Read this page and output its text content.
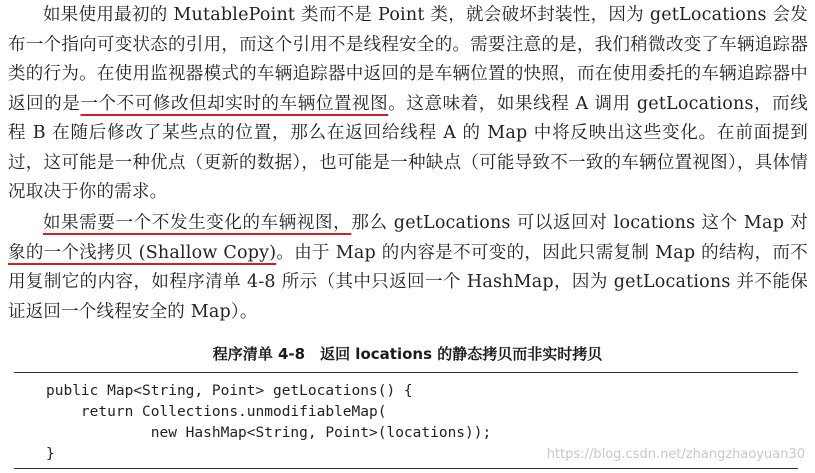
如果使用最初的 MutablePoint 类而不是 Point 类，就会破坏封装性，因为 getLocations 会发布一个指向可变状态的引用，而这个引用不是线程安全的。需要注意的是，我们稍微改变了车辆追踪器类的行为。在使用监视器模式的车辆追踪器中返回的是车辆位置的快照，而在使用委托的车辆追踪器中返回的是一个不可修改但却实时的车辆位置视图。这意味着，如果线程 A 调用 getLocations，而线程 B 在随后修改了某些点的位置，那么在返回给线程 A 的 Map 中将反映出这些变化。在前面提到过，这可能是一种优点（更新的数据），也可能是一种缺点（可能导致不一致的车辆位置视图），具体情况取决于你的需求。

如果需要一个不发生变化的车辆视图，那么 getLocations 可以返回对 locations 这个 Map 对象的一个浅拷贝 (Shallow Copy)。由于 Map 的内容是不可变的，因此只需复制 Map 的结构，而不用复制它的内容，如程序清单 4-8 所示（其中只返回一个 HashMap，因为 getLocations 并不能保证返回一个线程安全的 Map）。

程序清单 4-8　返回 locations 的静态拷贝而非实时拷贝
public Map<String, Point> getLocations() {
return Collections.unmodifiableMap(
new HashMap<String, Point>(locations));
}	https://blog.csdn.net/zhangzhaoyuan30
